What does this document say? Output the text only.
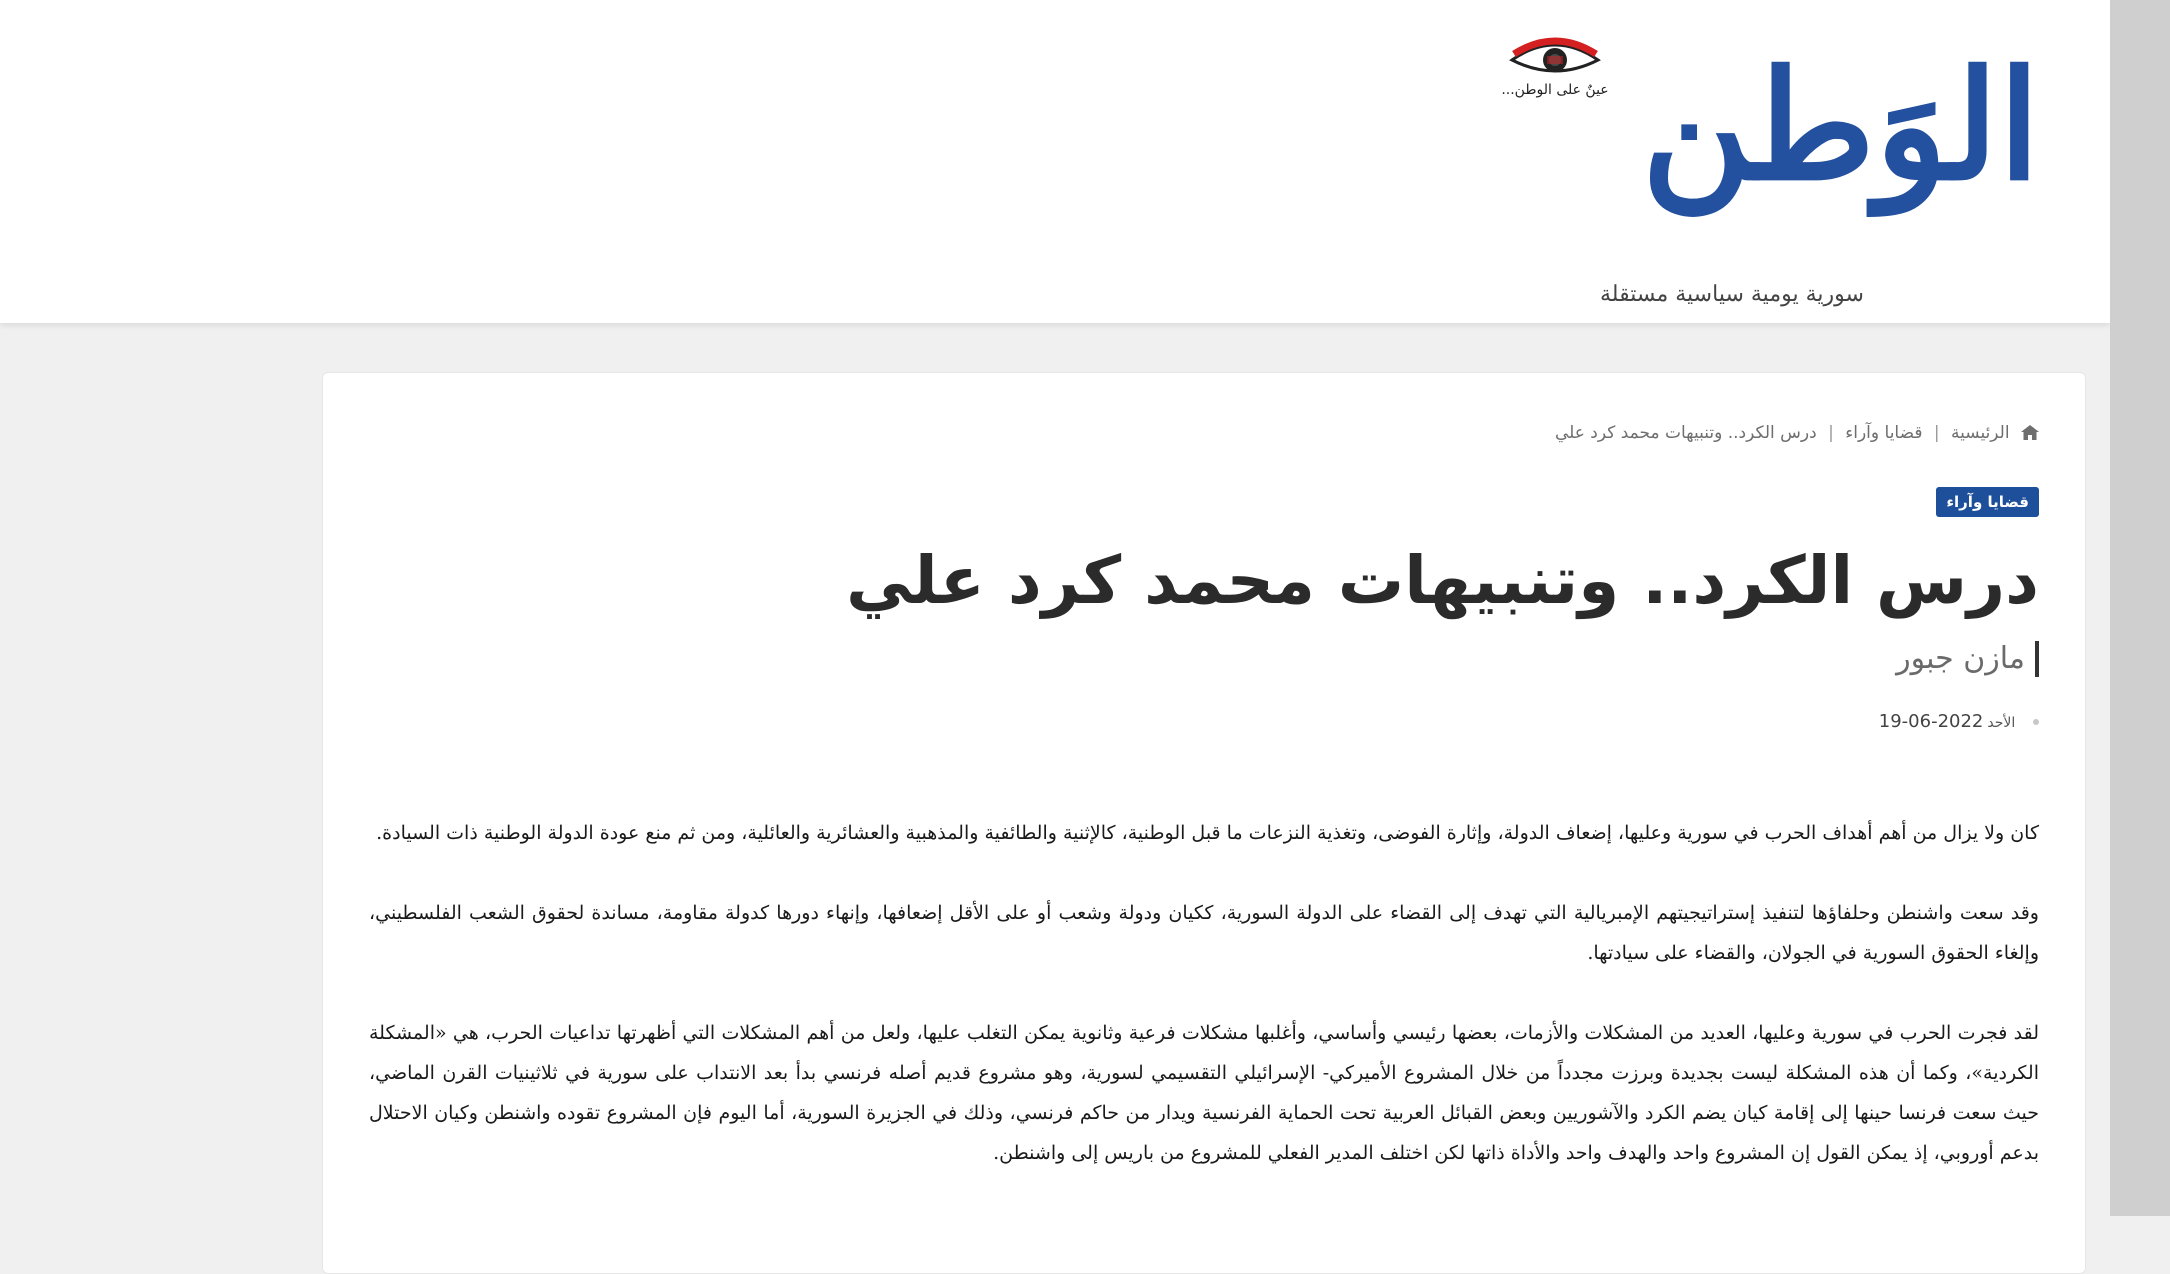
الوَطن
سورية يومية سياسية مستقلة
عينٌ على الوطن...
الرئيسية | قضايا وآراء | درس الكرد.. وتنبيهات محمد كرد علي
قضايا وآراء
درس الكرد.. وتنبيهات محمد كرد علي
مازن جبور
الأحد2022-06-19

كان ولا يزال من أهم أهداف الحرب في سورية وعليها، إضعاف الدولة، وإثارة الفوضى، وتغذية النزعات ما قبل الوطنية، كالإثنية والطائفية والمذهبية والعشائرية والعائلية، ومن ثم منع عودة الدولة الوطنية ذات السيادة.

وقد سعت واشنطن وحلفاؤها لتنفيذ إستراتيجيتهم الإمبريالية التي تهدف إلى القضاء على الدولة السورية، ككيان ودولة وشعب أو على الأقل إضعافها، وإنهاء دورها كدولة مقاومة، مساندة لحقوق الشعب الفلسطيني، وإلغاء الحقوق السورية في الجولان، والقضاء على سيادتها.

لقد فجرت الحرب في سورية وعليها، العديد من المشكلات والأزمات، بعضها رئيسي وأساسي، وأغلبها مشكلات فرعية وثانوية يمكن التغلب عليها، ولعل من أهم المشكلات التي أظهرتها تداعيات الحرب، هي «المشكلة الكردية»، وكما أن هذه المشكلة ليست بجديدة وبرزت مجدداً من خلال المشروع الأميركي- الإسرائيلي التقسيمي لسورية، وهو مشروع قديم أصله فرنسي بدأ بعد الانتداب على سورية في ثلاثينيات القرن الماضي، حيث سعت فرنسا حينها إلى إقامة كيان يضم الكرد والآشوريين وبعض القبائل العربية تحت الحماية الفرنسية ويدار من حاكم فرنسي، وذلك في الجزيرة السورية، أما اليوم فإن المشروع تقوده واشنطن وكيان الاحتلال بدعم أوروبي، إذ يمكن القول إن المشروع واحد والهدف واحد والأداة ذاتها لكن اختلف المدير الفعلي للمشروع من باريس إلى واشنطن.
